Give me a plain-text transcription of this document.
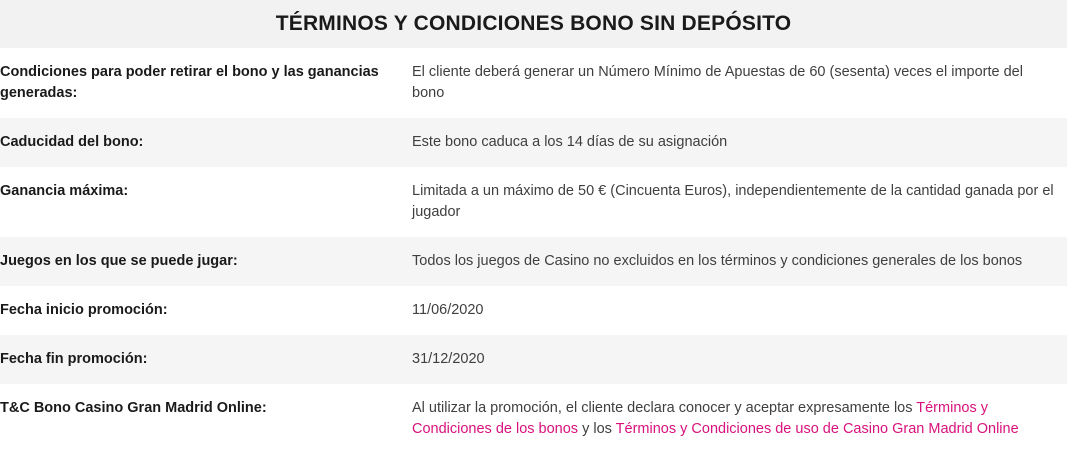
TÉRMINOS Y CONDICIONES BONO SIN DEPÓSITO
Condiciones para poder retirar el bono y las ganancias generadas:	El cliente deberá generar un Número Mínimo de Apuestas de 60 (sesenta) veces el importe del bono
Caducidad del bono:	Este bono caduca a los 14 días de su asignación
Ganancia máxima:	Limitada a un máximo de 50 € (Cincuenta Euros), independientemente de la cantidad ganada por el jugador
Juegos en los que se puede jugar:	Todos los juegos de Casino no excluidos en los términos y condiciones generales de los bonos
Fecha inicio promoción:	11/06/2020
Fecha fin promoción:	31/12/2020
T&C Bono Casino Gran Madrid Online:	Al utilizar la promoción, el cliente declara conocer y aceptar expresamente los Términos y Condiciones de los bonos y los Términos y Condiciones de uso de Casino Gran Madrid Online
